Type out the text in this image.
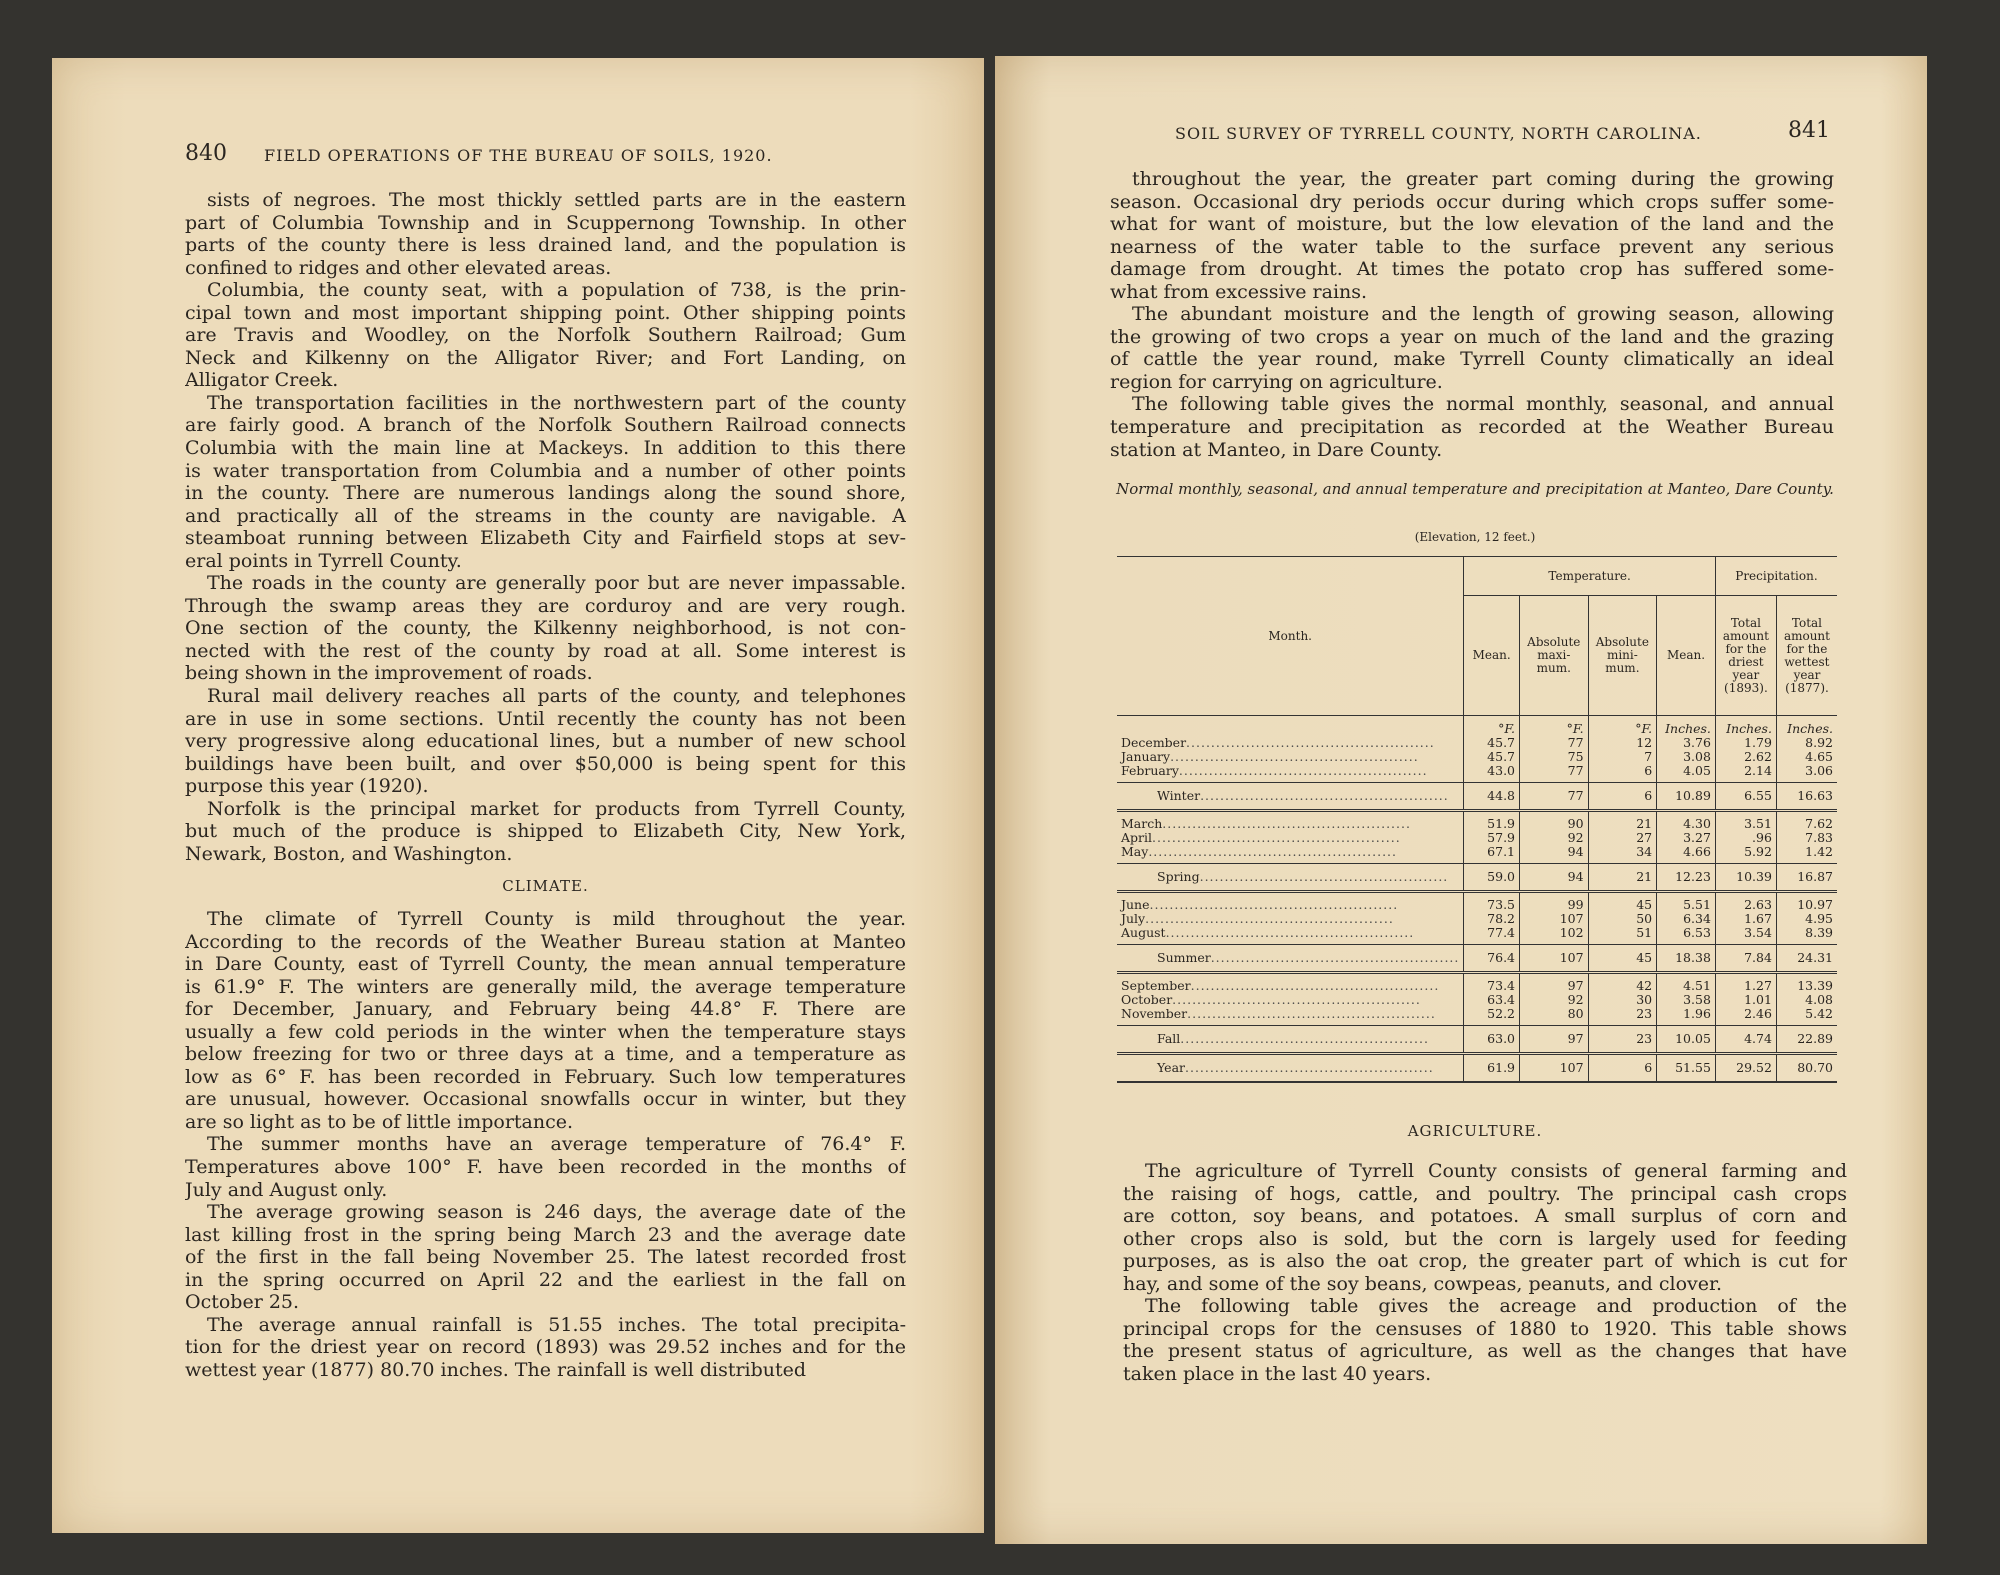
840 FIELD OPERATIONS OF THE BUREAU OF SOILS, 1920.
sists of negroes. The most thickly settled parts are in the eastern
part of Columbia Township and in Scuppernong Township. In other
parts of the county there is less drained land, and the population is
confined to ridges and other elevated areas.
Columbia, the county seat, with a population of 738, is the prin-
cipal town and most important shipping point. Other shipping points
are Travis and Woodley, on the Norfolk Southern Railroad; Gum
Neck and Kilkenny on the Alligator River; and Fort Landing, on
Alligator Creek.
The transportation facilities in the northwestern part of the county
are fairly good. A branch of the Norfolk Southern Railroad connects
Columbia with the main line at Mackeys. In addition to this there
is water transportation from Columbia and a number of other points
in the county. There are numerous landings along the sound shore,
and practically all of the streams in the county are navigable. A
steamboat running between Elizabeth City and Fairfield stops at sev-
eral points in Tyrrell County.
The roads in the county are generally poor but are never impassable.
Through the swamp areas they are corduroy and are very rough.
One section of the county, the Kilkenny neighborhood, is not con-
nected with the rest of the county by road at all. Some interest is
being shown in the improvement of roads.
Rural mail delivery reaches all parts of the county, and telephones
are in use in some sections. Until recently the county has not been
very progressive along educational lines, but a number of new school
buildings have been built, and over $50,000 is being spent for this
purpose this year (1920).
Norfolk is the principal market for products from Tyrrell County,
but much of the produce is shipped to Elizabeth City, New York,
Newark, Boston, and Washington.
CLIMATE.
The climate of Tyrrell County is mild throughout the year.
According to the records of the Weather Bureau station at Manteo
in Dare County, east of Tyrrell County, the mean annual temperature
is 61.9° F. The winters are generally mild, the average temperature
for December, January, and February being 44.8° F. There are
usually a few cold periods in the winter when the temperature stays
below freezing for two or three days at a time, and a temperature as
low as 6° F. has been recorded in February. Such low temperatures
are unusual, however. Occasional snowfalls occur in winter, but they
are so light as to be of little importance.
The summer months have an average temperature of 76.4° F.
Temperatures above 100° F. have been recorded in the months of
July and August only.
The average growing season is 246 days, the average date of the
last killing frost in the spring being March 23 and the average date
of the first in the fall being November 25. The latest recorded frost
in the spring occurred on April 22 and the earliest in the fall on
October 25.
The average annual rainfall is 51.55 inches. The total precipita-
tion for the driest year on record (1893) was 29.52 inches and for the
wettest year (1877) 80.70 inches. The rainfall is well distributed
SOIL SURVEY OF TYRRELL COUNTY, NORTH CAROLINA.	841
throughout the year, the greater part coming during the growing
season. Occasional dry periods occur during which crops suffer some-
what for want of moisture, but the low elevation of the land and the
nearness of the water table to the surface prevent any serious
damage from drought. At times the potato crop has suffered some-
what from excessive rains.
The abundant moisture and the length of growing season, allowing
the growing of two crops a year on much of the land and the grazing
of cattle the year round, make Tyrrell County climatically an ideal
region for carrying on agriculture.
The following table gives the normal monthly, seasonal, and annual
temperature and precipitation as recorded at the Weather Bureau
station at Manteo, in Dare County.
Normal monthly, seasonal, and annual temperature and precipitation at Manteo, Dare County.
(Elevation, 12 feet.)
Month.	Temperature.				Precipitation.	
	Mean.	Absolute maxi- mum.	Absolute mini- mum.	Mean.	Total amount for the driest year (1893).	Total amount for the wettest year (1877).
	°F.	°F.	°F.	Inches.	Inches.	Inches.
December..................................................	45.7	77	12	3.76	1.79	8.92
January..................................................	45.7	75	7	3.08	2.62	4.65
February..................................................	43.0	77	6	4.05	2.14	3.06
Winter..................................................	44.8	77	6	10.89	6.55	16.63
March..................................................	51.9	90	21	4.30	3.51	7.62
April..................................................	57.9	92	27	3.27	.96	7.83
May..................................................	67.1	94	34	4.66	5.92	1.42
Spring..................................................	59.0	94	21	12.23	10.39	16.87
June..................................................	73.5	99	45	5.51	2.63	10.97
July..................................................	78.2	107	50	6.34	1.67	4.95
August..................................................	77.4	102	51	6.53	3.54	8.39
Summer..................................................	76.4	107	45	18.38	7.84	24.31
September..................................................	73.4	97	42	4.51	1.27	13.39
October..................................................	63.4	92	30	3.58	1.01	4.08
November..................................................	52.2	80	23	1.96	2.46	5.42
Fall..................................................	63.0	97	23	10.05	4.74	22.89
Year..................................................	61.9	107	6	51.55	29.52	80.70
AGRICULTURE.
The agriculture of Tyrrell County consists of general farming and
the raising of hogs, cattle, and poultry. The principal cash crops
are cotton, soy beans, and potatoes. A small surplus of corn and
other crops also is sold, but the corn is largely used for feeding
purposes, as is also the oat crop, the greater part of which is cut for
hay, and some of the soy beans, cowpeas, peanuts, and clover.
The following table gives the acreage and production of the
principal crops for the censuses of 1880 to 1920. This table shows
the present status of agriculture, as well as the changes that have
taken place in the last 40 years.
